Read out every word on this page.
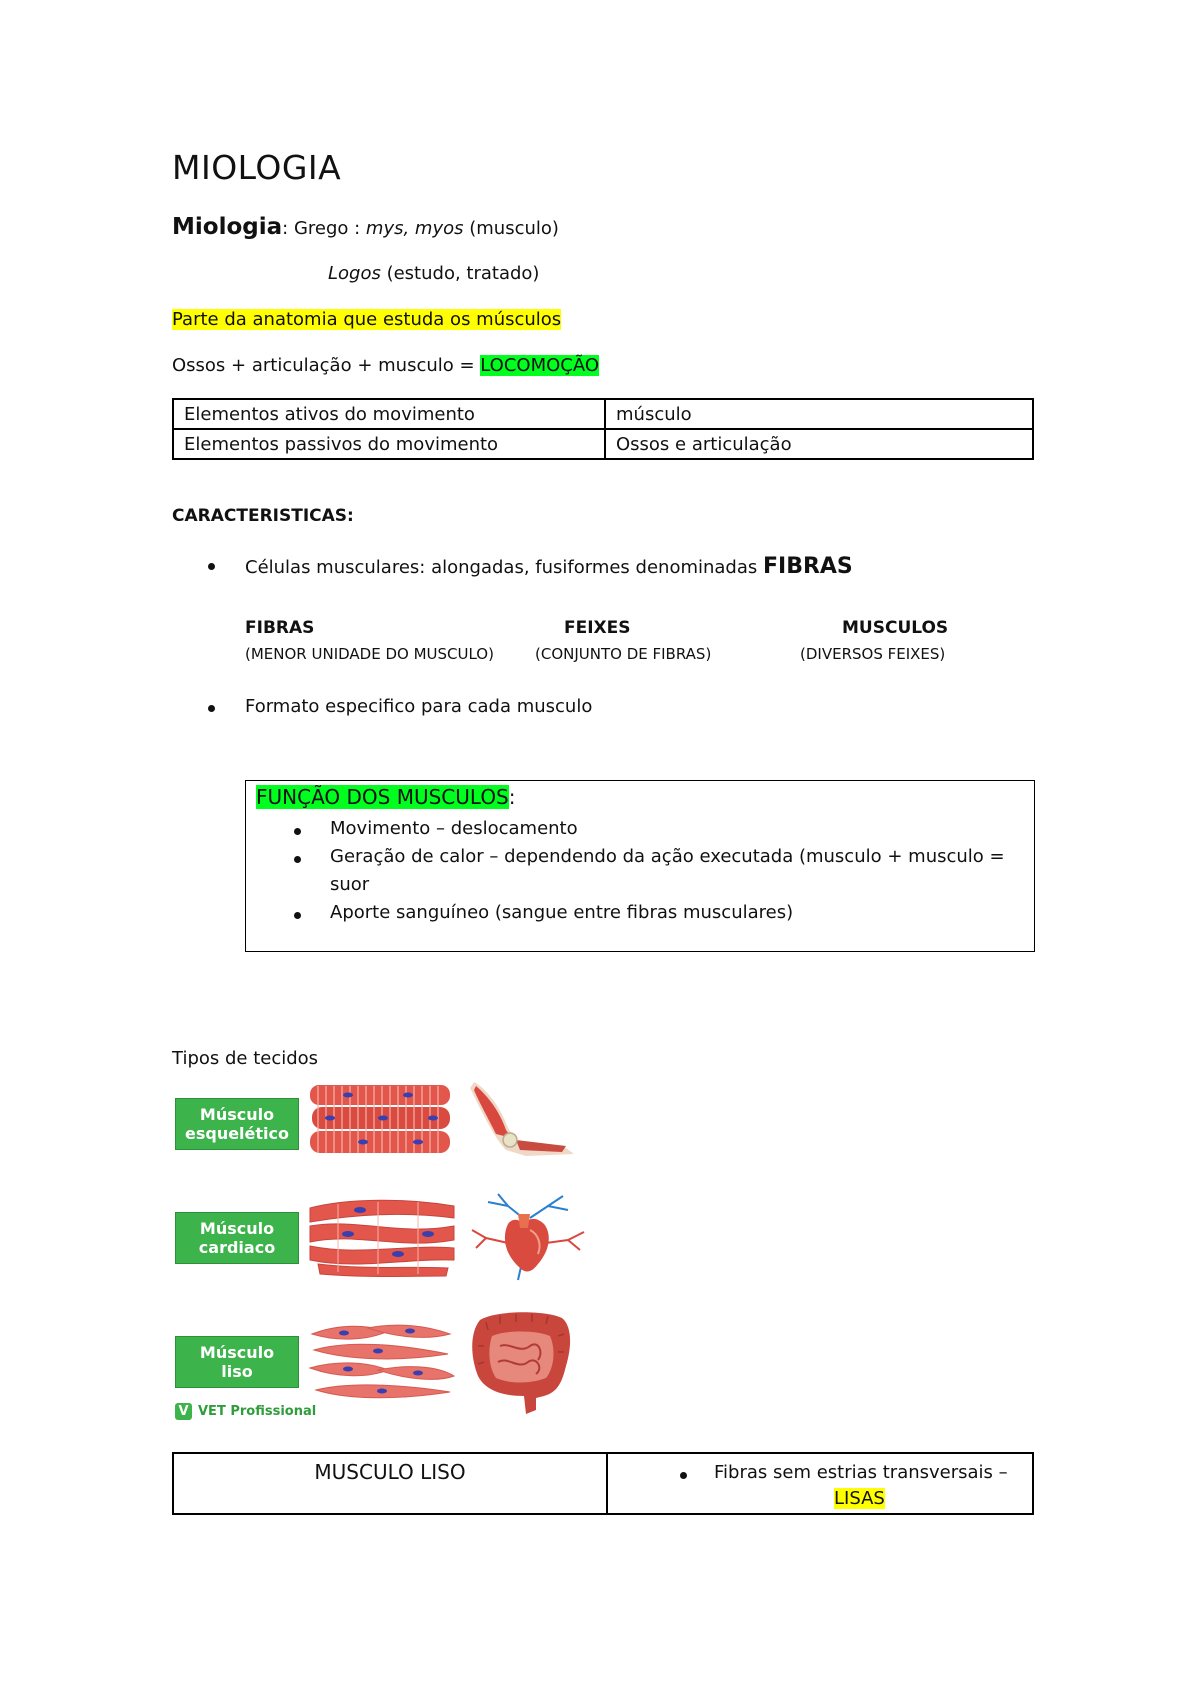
MIOLOGIA
Miologia: Grego : mys, myos (musculo)
Logos (estudo, tratado)
Parte da anatomia que estuda os músculos
Ossos + articulação + musculo = LOCOMOÇÃO
Elementos ativos do movimento	músculo
Elementos passivos do movimento	Ossos e articulação
CARACTERISTICAS:
Células musculares: alongadas, fusiformes denominadas FIBRAS
FIBRAS
(MENOR UNIDADE DO MUSCULO)
FEIXES
(CONJUNTO DE FIBRAS)
MUSCULOS
(DIVERSOS FEIXES)
Formato especifico para cada musculo
FUNÇÃO DOS MUSCULOS:
Movimento – deslocamento
Geração de calor – dependendo da ação executada (musculo + musculo =
suor
Aporte sanguíneo (sangue entre fibras musculares)
Tipos de tecidos
Músculo
esquelético
Músculo
cardiaco
Músculo
liso
V VET Profissional
MUSCULO LISO	Fibras sem estrias transversais –
LISAS
